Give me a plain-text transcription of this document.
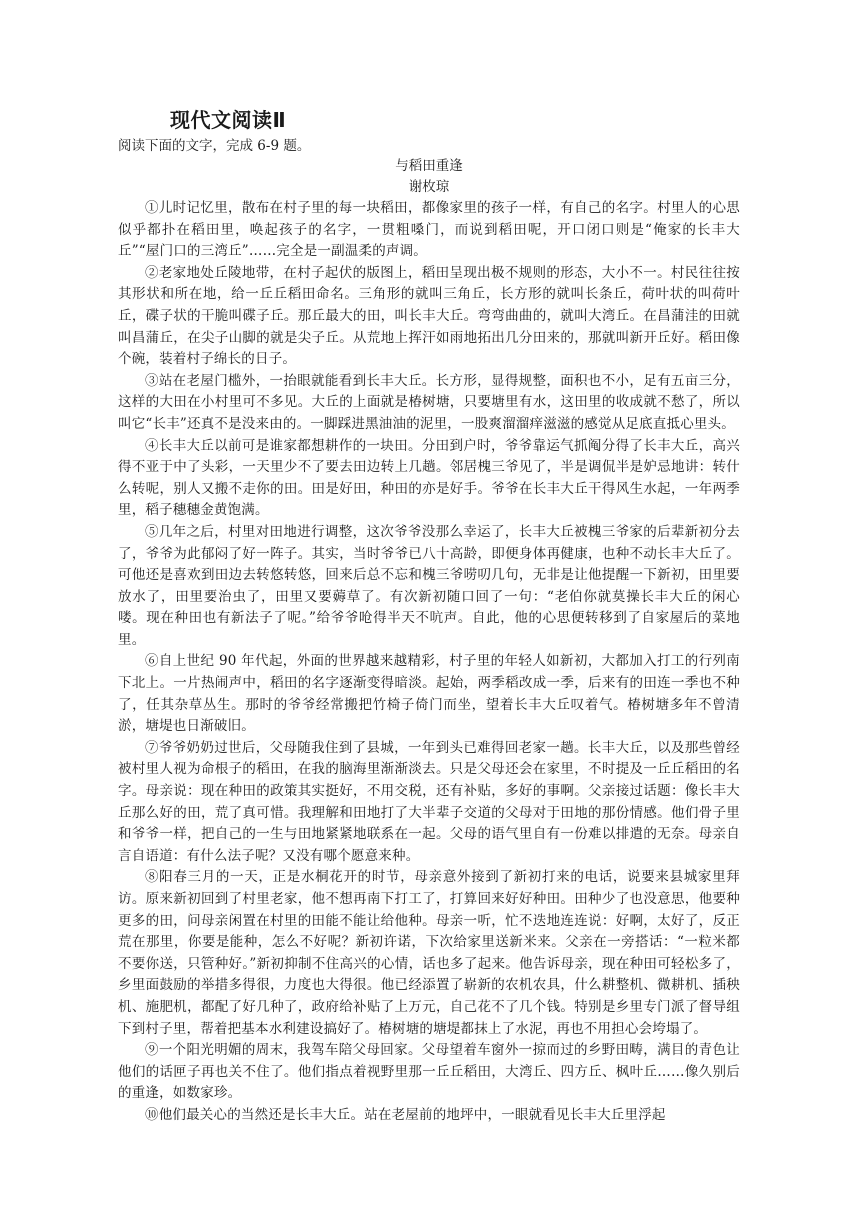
现代文阅读Ⅱ

阅读下面的文字，完成 6-9 题。

与稻田重逢

谢枚琼

①儿时记忆里，散布在村子里的每一块稻田，都像家里的孩子一样，有自己的名字。村里人的心思似乎都扑在稻田里，唤起孩子的名字，一贯粗嗓门，而说到稻田呢，开口闭口则是“俺家的长丰大丘”“屋门口的三湾丘”……完全是一副温柔的声调。

②老家地处丘陵地带，在村子起伏的版图上，稻田呈现出极不规则的形态，大小不一。村民往往按其形状和所在地，给一丘丘稻田命名。三角形的就叫三角丘，长方形的就叫长条丘，荷叶状的叫荷叶丘，碟子状的干脆叫碟子丘。那丘最大的田，叫长丰大丘。弯弯曲曲的，就叫大湾丘。在昌蒲洼的田就叫昌蒲丘，在尖子山脚的就是尖子丘。从荒地上挥汗如雨地拓出几分田来的，那就叫新开丘好。稻田像个碗，装着村子绵长的日子。

③站在老屋门槛外，一抬眼就能看到长丰大丘。长方形，显得规整，面积也不小，足有五亩三分，这样的大田在小村里可不多见。大丘的上面就是椿树塘，只要塘里有水，这田里的收成就不愁了，所以叫它“长丰”还真不是没来由的。一脚踩进黑油油的泥里，一股爽溜溜痒滋滋的感觉从足底直抵心里头。

④长丰大丘以前可是谁家都想耕作的一块田。分田到户时，爷爷靠运气抓阄分得了长丰大丘，高兴得不亚于中了头彩，一天里少不了要去田边转上几趟。邻居槐三爷见了，半是调侃半是妒忌地讲：转什么转呢，别人又搬不走你的田。田是好田，种田的亦是好手。爷爷在长丰大丘干得风生水起，一年两季里，稻子穗穗金黄饱满。

⑤几年之后，村里对田地进行调整，这次爷爷没那么幸运了，长丰大丘被槐三爷家的后辈新初分去了，爷爷为此郁闷了好一阵子。其实，当时爷爷已八十高龄，即便身体再健康，也种不动长丰大丘了。可他还是喜欢到田边去转悠转悠，回来后总不忘和槐三爷唠叨几句，无非是让他提醒一下新初，田里要放水了，田里要治虫了，田里又要薅草了。有次新初随口回了一句：“老伯你就莫操长丰大丘的闲心喽。现在种田也有新法子了呢。”给爷爷呛得半天不吭声。自此，他的心思便转移到了自家屋后的菜地里。

⑥自上世纪 90 年代起，外面的世界越来越精彩，村子里的年轻人如新初，大都加入打工的行列南下北上。一片热闹声中，稻田的名字逐渐变得暗淡。起始，两季稻改成一季，后来有的田连一季也不种了，任其杂草丛生。那时的爷爷经常搬把竹椅子倚门而坐，望着长丰大丘叹着气。椿树塘多年不曾清淤，塘堤也日渐破旧。

⑦爷爷奶奶过世后，父母随我住到了县城，一年到头已难得回老家一趟。长丰大丘，以及那些曾经被村里人视为命根子的稻田，在我的脑海里渐渐淡去。只是父母还会在家里，不时提及一丘丘稻田的名字。母亲说：现在种田的政策其实挺好，不用交税，还有补贴，多好的事啊。父亲接过话题：像长丰大丘那么好的田，荒了真可惜。我理解和田地打了大半辈子交道的父母对于田地的那份情感。他们骨子里和爷爷一样，把自己的一生与田地紧紧地联系在一起。父母的语气里自有一份难以排遣的无奈。母亲自言自语道：有什么法子呢？又没有哪个愿意来种。

⑧阳春三月的一天，正是水桐花开的时节，母亲意外接到了新初打来的电话，说要来县城家里拜访。原来新初回到了村里老家，他不想再南下打工了，打算回来好好种田。田种少了也没意思，他要种更多的田，问母亲闲置在村里的田能不能让给他种。母亲一听，忙不迭地连连说：好啊，太好了，反正荒在那里，你要是能种，怎么不好呢？新初许诺，下次给家里送新米来。父亲在一旁搭话：“一粒米都不要你送，只管种好。”新初抑制不住高兴的心情，话也多了起来。他告诉母亲，现在种田可轻松多了，乡里面鼓励的举措多得很，力度也大得很。他已经添置了崭新的农机农具，什么耕整机、微耕机、插秧机、施肥机，都配了好几种了，政府给补贴了上万元，自己花不了几个钱。特别是乡里专门派了督导组下到村子里，帮着把基本水利建设搞好了。椿树塘的塘堤都抹上了水泥，再也不用担心会垮塌了。

⑨一个阳光明媚的周末，我驾车陪父母回家。父母望着车窗外一掠而过的乡野田畴，满目的青色让他们的话匣子再也关不住了。他们指点着视野里那一丘丘稻田，大湾丘、四方丘、枫叶丘……像久别后的重逢，如数家珍。

⑩他们最关心的当然还是长丰大丘。站在老屋前的地坪中，一眼就看见长丰大丘里浮起
